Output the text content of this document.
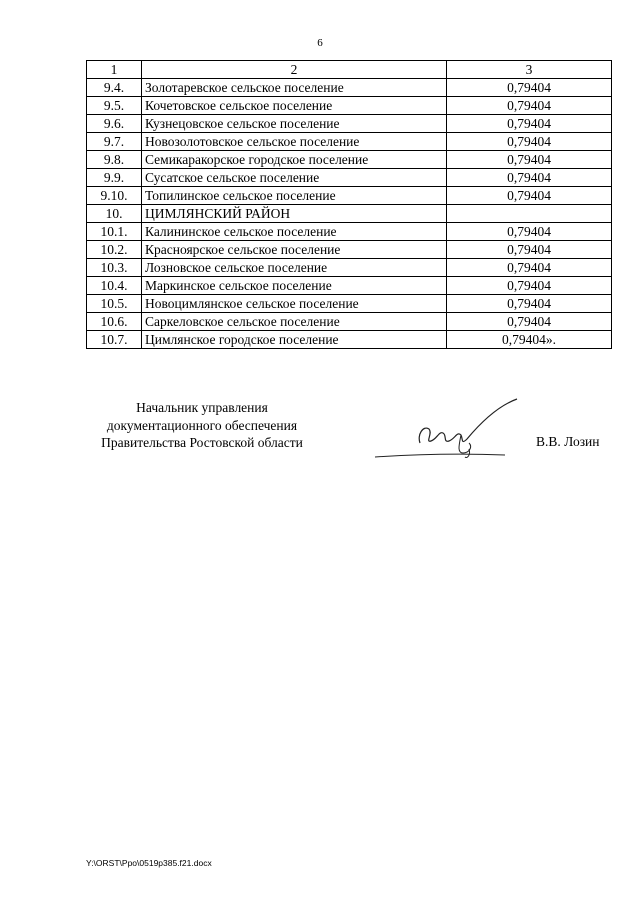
6
1	2	3
9.4.	Золотаревское сельское поселение	0,79404
9.5.	Кочетовское сельское поселение	0,79404
9.6.	Кузнецовское сельское поселение	0,79404
9.7.	Новозолотовское сельское поселение	0,79404
9.8.	Семикаракорское городское поселение	0,79404
9.9.	Сусатское сельское поселение	0,79404
9.10.	Топилинское сельское поселение	0,79404
10.	ЦИМЛЯНСКИЙ РАЙОН	
10.1.	Калининское сельское поселение	0,79404
10.2.	Красноярское сельское поселение	0,79404
10.3.	Лозновское сельское поселение	0,79404
10.4.	Маркинское сельское поселение	0,79404
10.5.	Новоцимлянское сельское поселение	0,79404
10.6.	Саркеловское сельское поселение	0,79404
10.7.	Цимлянское городское поселение	0,79404».
Начальник управления
документационного обеспечения
Правительства Ростовской области	В.В. Лозин
Y:\ORST\Ppo\0519p385.f21.docx
